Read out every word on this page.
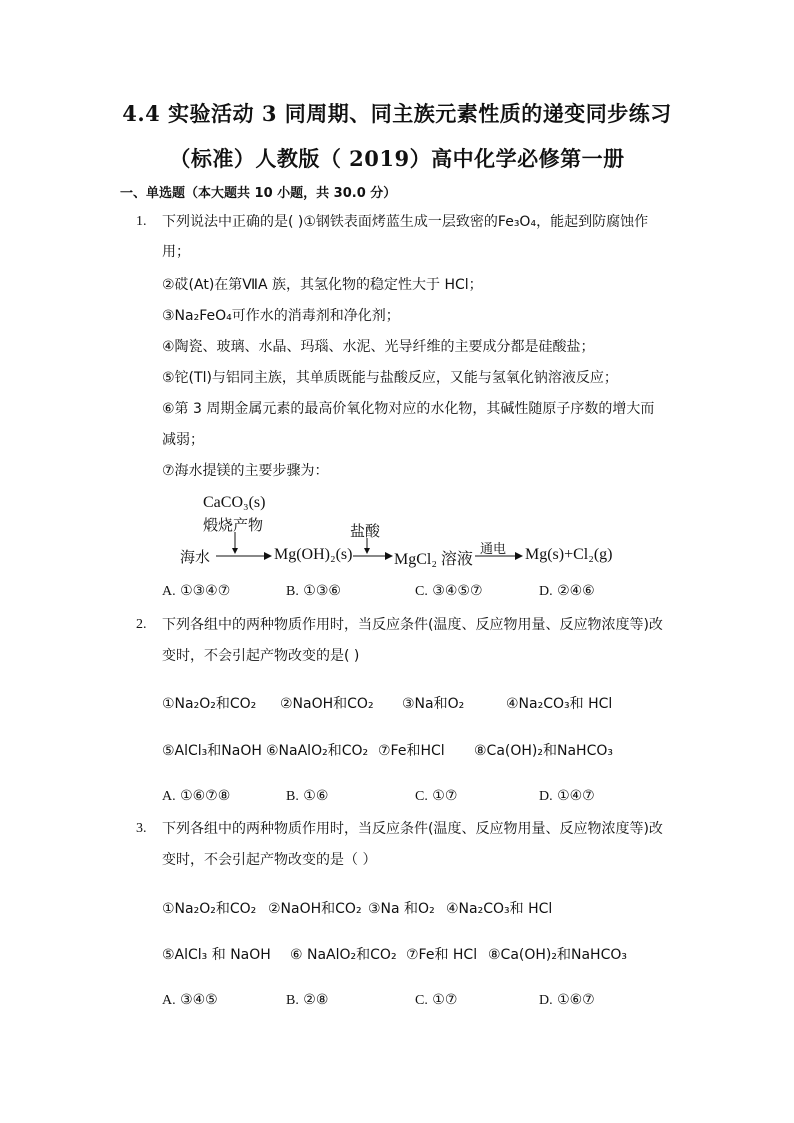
4.4 实验活动 3 同周期、同主族元素性质的递变同步练习
（标准）人教版（ 2019）高中化学必修第一册
一、单选题（本大题共 10 小题，共 30.0 分）
1. 下列说法中正确的是( )①钢铁表面烤蓝生成一层致密的Fe₃O₄，能起到防腐蚀作
用；
②砹(At)在第ⅦA 族，其氢化物的稳定性大于 HCl；
③Na₂FeO₄可作水的消毒剂和净化剂；
④陶瓷、玻璃、水晶、玛瑙、水泥、光导纤维的主要成分都是硅酸盐；
⑤铊(Tl)与铝同主族，其单质既能与盐酸反应，又能与氢氧化钠溶液反应；
⑥第 3 周期金属元素的最高价氧化物对应的水化物，其碱性随原子序数的增大而
减弱；
⑦海水提镁的主要步骤为：
CaCO₃(s)
煅烧产物	盐酸
通电
海水	Mg(OH)₂(s)	MgCl₂ 溶液	Mg(s)+Cl₂(g)
A. ①③④⑦	B. ①③⑥	C. ③④⑤⑦	D. ②④⑥
2. 下列各组中的两种物质作用时，当反应条件(温度、反应物用量、反应物浓度等)改
变时，不会引起产物改变的是( )
①Na₂O₂和CO₂ ②NaOH和CO₂ ③Na和O₂	④Na₂CO₃和 HCl
⑤AlCl₃和NaOH ⑥NaAlO₂和CO₂ ⑦Fe和HCl ⑧Ca(OH)₂和NaHCO₃
A. ①⑥⑦⑧	B. ①⑥	C. ①⑦	D. ①④⑦
3. 下列各组中的两种物质作用时，当反应条件(温度、反应物用量、反应物浓度等)改
变时，不会引起产物改变的是（ ）
①Na₂O₂和CO₂ ②NaOH和CO₂ ③Na 和O₂ ④Na₂CO₃和 HCl
⑤AlCl₃ 和 NaOH ⑥ NaAlO₂和CO₂ ⑦Fe和 HCl ⑧Ca(OH)₂和NaHCO₃
A. ③④⑤	B. ②⑧	C. ①⑦	D. ①⑥⑦
